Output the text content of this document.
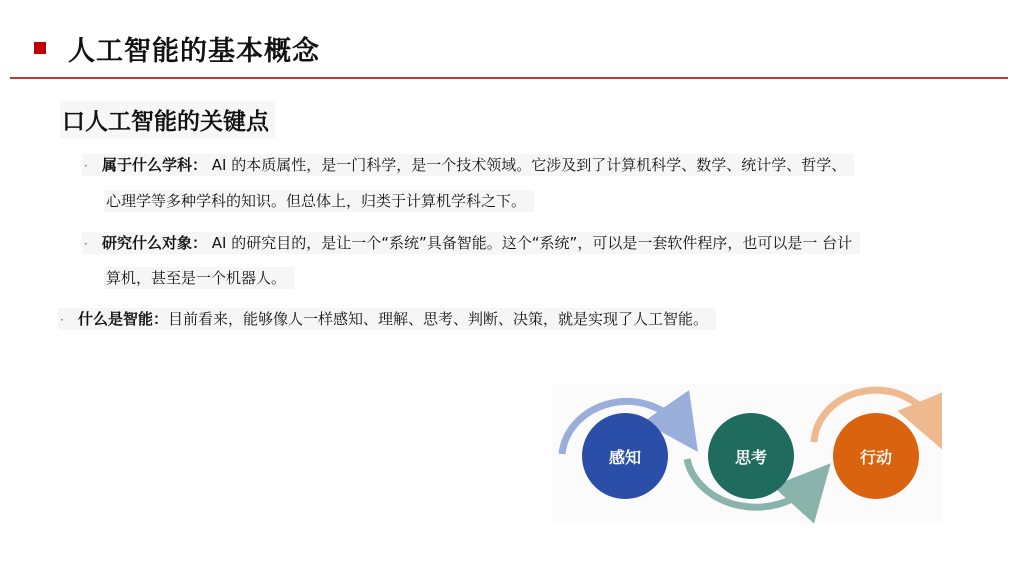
人工智能的基本概念
口人工智能的关键点
· 属于什么学科： AI 的本质属性，是一门科学，是一个技术领域。它涉及到了计算机科学、数学、统计学、哲学、
心理学等多种学科的知识。但总体上，归类于计算机学科之下。
· 研究什么对象： AI 的研究目的，是让一个“系统”具备智能。这个“系统”，可以是一套软件程序，也可以是一 台计
算机，甚至是一个机器人。
· 什么是智能：目前看来，能够像人一样感知、理解、思考、判断、决策，就是实现了人工智能。
感知	思考	行动
